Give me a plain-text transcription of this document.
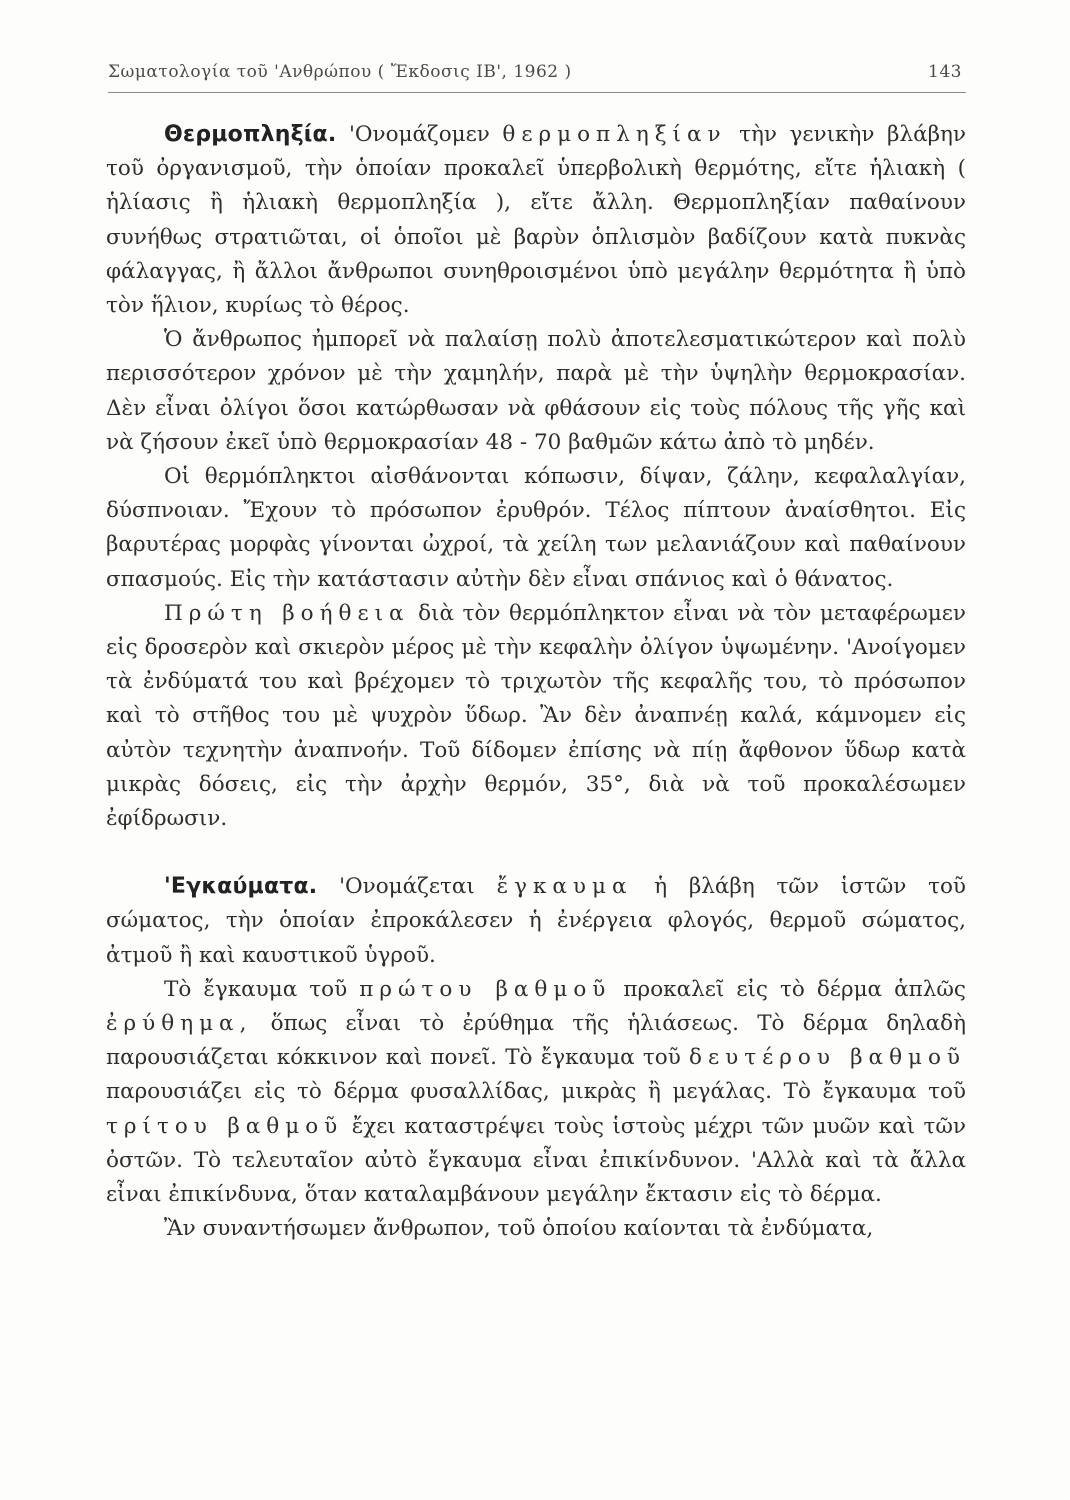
Σωματολογία τοῦ 'Ανθρώπου ( Ἔκδοσις ΙΒ', 1962 )	143

Θερμοπληξία. 'Ονομάζομεν θερμοπληξίαν τὴν γενικὴν βλάβην τοῦ ὀργανισμοῦ, τὴν ὁποίαν προκαλεῖ ὑπερβολικὴ θερμότης, εἴτε ἡλιακὴ ( ἡλίασις ἢ ἡλιακὴ θερμοπληξία ), εἴτε ἄλλη. Θερμοπληξίαν παθαίνουν συνήθως στρατιῶται, οἱ ὁποῖοι μὲ βαρὺν ὁπλισμὸν βαδίζουν κατὰ πυκνὰς φάλαγγας, ἢ ἄλλοι ἄνθρωποι συνηθροισμένοι ὑπὸ μεγάλην θερμότητα ἢ ὑπὸ τὸν ἥλιον, κυρίως τὸ θέρος.

Ὁ ἄνθρωπος ἠμπορεῖ νὰ παλαίσῃ πολὺ ἀποτελεσματικώτερον καὶ πολὺ περισσότερον χρόνον μὲ τὴν χαμηλήν, παρὰ μὲ τὴν ὑψηλὴν θερμοκρασίαν. Δὲν εἶναι ὀλίγοι ὅσοι κατώρθωσαν νὰ φθάσουν εἰς τοὺς πόλους τῆς γῆς καὶ νὰ ζήσουν ἐκεῖ ὑπὸ θερμοκρασίαν 48 - 70 βαθμῶν κάτω ἀπὸ τὸ μηδέν.

Οἱ θερμόπληκτοι αἰσθάνονται κόπωσιν, δίψαν, ζάλην, κεφαλαλγίαν, δύσπνοιαν. Ἔχουν τὸ πρόσωπον ἐρυθρόν. Τέλος πίπτουν ἀναίσθητοι. Εἰς βαρυτέρας μορφὰς γίνονται ὠχροί, τὰ χείλη των μελανιάζουν καὶ παθαίνουν σπασμούς. Εἰς τὴν κατάστασιν αὐτὴν δὲν εἶναι σπάνιος καὶ ὁ θάνατος.

Πρώτη βοήθεια διὰ τὸν θερμόπληκτον εἶναι νὰ τὸν μεταφέρωμεν εἰς δροσερὸν καὶ σκιερὸν μέρος μὲ τὴν κεφαλὴν ὀλίγον ὑψωμένην. 'Ανοίγομεν τὰ ἐνδύματά του καὶ βρέχομεν τὸ τριχωτὸν τῆς κεφαλῆς του, τὸ πρόσωπον καὶ τὸ στῆθος του μὲ ψυχρὸν ὕδωρ. Ἂν δὲν ἀναπνέῃ καλά, κάμνομεν εἰς αὐτὸν τεχνητὴν ἀναπνοήν. Τοῦ δίδομεν ἐπίσης νὰ πίῃ ἄφθονον ὕδωρ κατὰ μικρὰς δόσεις, εἰς τὴν ἀρχὴν θερμόν, 35°, διὰ νὰ τοῦ προκαλέσωμεν ἐφίδρωσιν.

'Εγκαύματα. 'Ονομάζεται ἔγκαυμα ἡ βλάβη τῶν ἱστῶν τοῦ σώματος, τὴν ὁποίαν ἐπροκάλεσεν ἡ ἐνέργεια φλογός, θερμοῦ σώματος, ἀτμοῦ ἢ καὶ καυστικοῦ ὑγροῦ.

Τὸ ἔγκαυμα τοῦ πρώτου βαθμοῦ προκαλεῖ εἰς τὸ δέρμα ἁπλῶς ἐρύθημα, ὅπως εἶναι τὸ ἐρύθημα τῆς ἡλιάσεως. Τὸ δέρμα δηλαδὴ παρουσιάζεται κόκκινον καὶ πονεῖ. Τὸ ἔγκαυμα τοῦ δευτέρου βαθμοῦ παρουσιάζει εἰς τὸ δέρμα φυσαλλίδας, μικρὰς ἢ μεγάλας. Τὸ ἔγκαυμα τοῦ τρίτου βαθμοῦ ἔχει καταστρέψει τοὺς ἱστοὺς μέχρι τῶν μυῶν καὶ τῶν ὀστῶν. Τὸ τελευταῖον αὐτὸ ἔγκαυμα εἶναι ἐπικίνδυνον. 'Αλλὰ καὶ τὰ ἄλλα εἶναι ἐπικίνδυνα, ὅταν καταλαμβάνουν μεγάλην ἔκτασιν εἰς τὸ δέρμα.

Ἂν συναντήσωμεν ἄνθρωπον, τοῦ ὁποίου καίονται τὰ ἐνδύματα,
